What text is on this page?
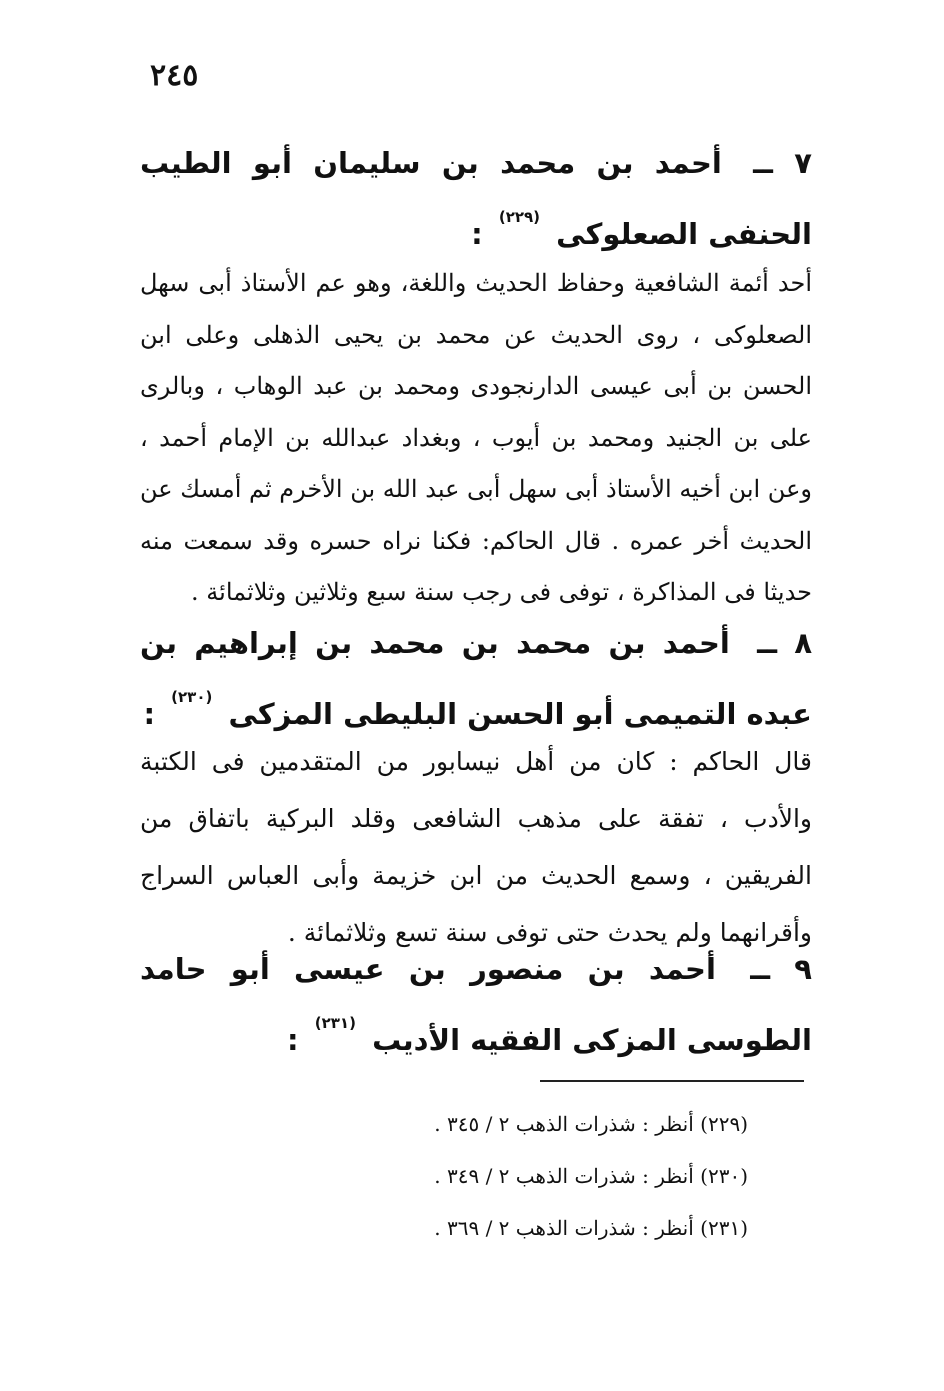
٢٤٥
٧ ــ أحمد بن محمد بن سليمان أبو الطيب الحنفى الصعلوكى $^{(٢٢٩)}$ :
أحد أئمة الشافعية وحفاظ الحديث واللغة، وهو عم الأستاذ أبى سهل الصعلوكى ، روى الحديث عن محمد بن يحيى الذهلى وعلى ابن الحسن بن أبى عيسى الدارنجودى ومحمد بن عبد الوهاب ، وبالرى على بن الجنيد ومحمد بن أيوب ، وبغداد عبدالله بن الإمام أحمد ، وعن ابن أخيه الأستاذ أبى سهل أبى عبد الله بن الأخرم ثم أمسك عن الحديث أخر عمره . قال الحاكم: فكنا نراه حسره وقد سمعت منه حديثا فى المذاكرة ، توفى فى رجب سنة سبع وثلاثين وثلاثمائة .
٨ ــ أحمد بن محمد بن محمد بن إبراهيم بن عبده التميمى أبو الحسن البليطى المزكى $^{(٢٣٠)}$ :
قال الحاكم : كان من أهل نيسابور من المتقدمين فى الكتبة والأدب ، تفقة على مذهب الشافعى وقلد البركية باتفاق من الفريقين ، وسمع الحديث من ابن خزيمة وأبى العباس السراج وأقرانهما ولم يحدث حتى توفى سنة تسع وثلاثمائة .
٩ ــ أحمد بن منصور بن عيسى أبو حامد الطوسى المزكى الفقيه الأديب $^{(٢٣١)}$ :
(٢٢٩) أنظر : شذرات الذهب ٢ / ٣٤٥ .
(٢٣٠) أنظر : شذرات الذهب ٢ / ٣٤٩ .
(٢٣١) أنظر : شذرات الذهب ٢ / ٣٦٩ .
